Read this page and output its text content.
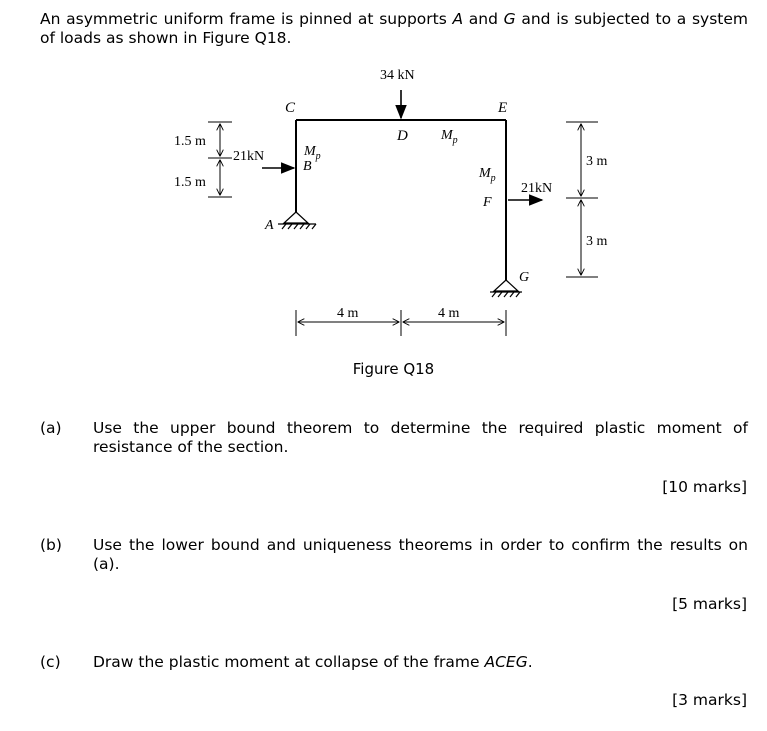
An asymmetric uniform frame is pinned at supports A and G and is subjected to a system of loads as shown in Figure Q18.
34 kN
21kN
21kN
C
D
E
B
F
A
G
$M_p$
$M_p$
$M_p$
1.5 m
1.5 m
3 m
3 m
4 m	4 m
Figure Q18
(a) Use the upper bound theorem to determine the required plastic moment of resistance of the section.
[10 marks]
(b) Use the lower bound and uniqueness theorems in order to confirm the results on (a).
[5 marks]
(c) Draw the plastic moment at collapse of the frame ACEG.
[3 marks]
